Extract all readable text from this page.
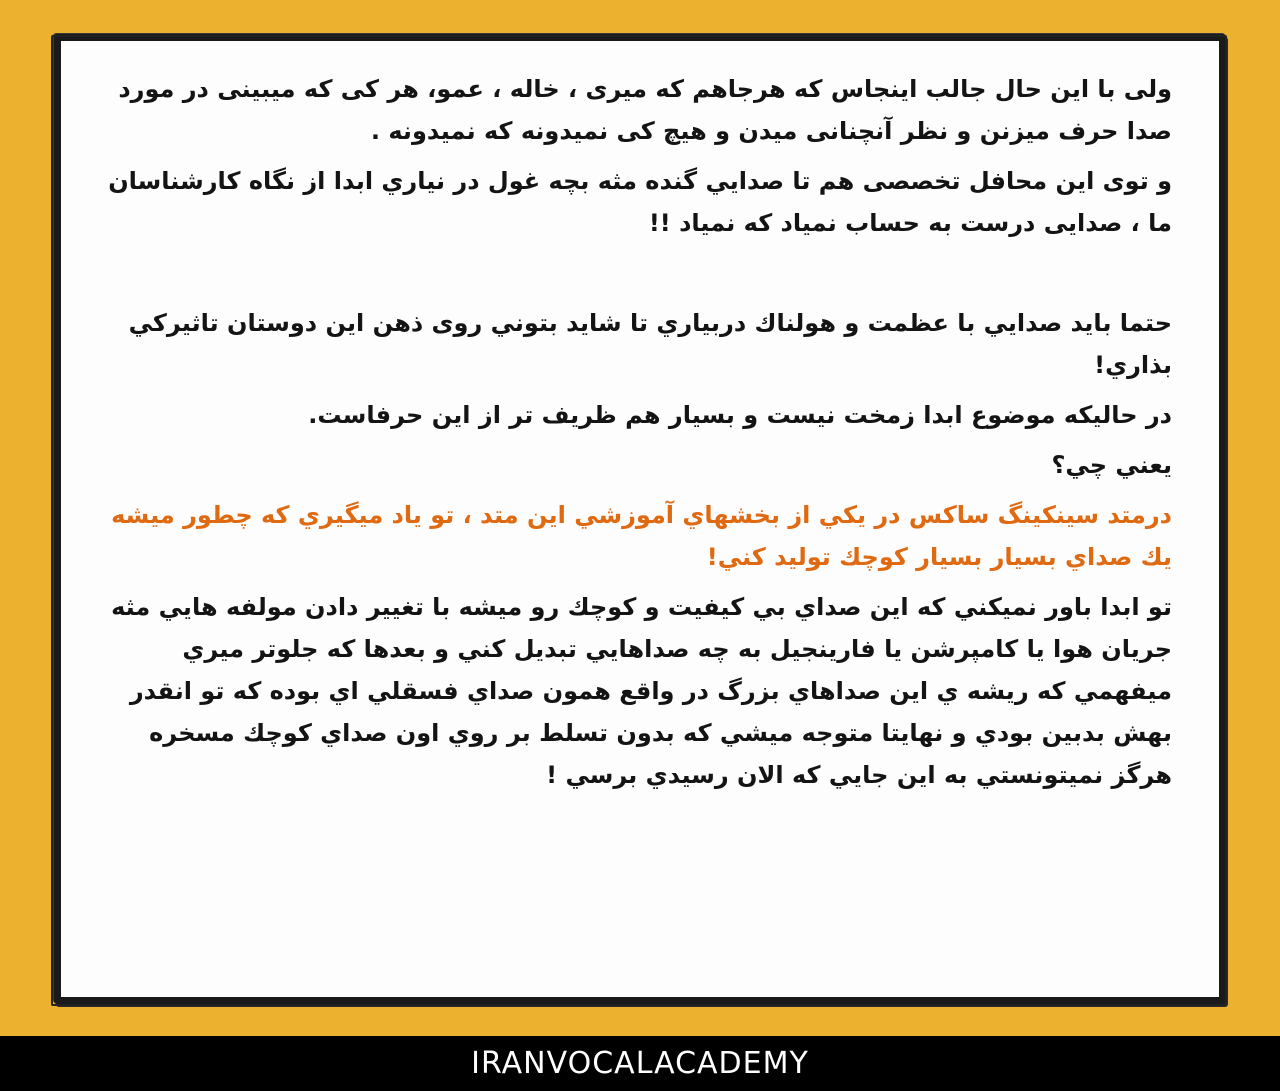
ولی با این حال جالب اینجاس که هرجاهم که میری ، خاله ، عمو، هر کی که میبینی در مورد صدا حرف میزنن و نظر آنچنانی میدن و هیچ کی نمیدونه که نمیدونه .

و توی این محافل تخصصی هم تا صدايي گنده مثه بچه غول در نياري ابدا از نگاه کارشناسان ما ، صدایی درست به حساب نمیاد که نمیاد !!

حتما بايد صدايي با عظمت و هولناك دربياري تا شايد بتوني روی ذهن اين دوستان تاثيركي بذاري!

در حاليكه موضوع ابدا زمخت نيست و بسيار هم ظريف تر از اين حرفاست.

يعني چي؟

درمتد سينكينگ ساكس در يكي از بخشهاي آموزشي اين متد ، تو ياد ميگيري كه چطور ميشه يك صداي بسيار بسيار كوچك توليد كني!

تو ابدا باور نميكني كه اين صداي بي كيفيت و كوچك رو ميشه با تغيير دادن مولفه هايي مثه جريان هوا يا كامپرشن يا فارينجيل به چه صداهايي تبديل كني و بعدها كه جلوتر ميري ميفهمي كه ريشه ي اين صداهاي بزرگ در واقع همون صداي فسقلي اي بوده كه تو انقدر بهش بدبين بودي و نهايتا متوجه ميشي كه بدون تسلط بر روي اون صداي كوچك مسخره هرگز نميتونستي به اين جايي كه الان رسيدي برسي !

IRANVOCALACADEMY
